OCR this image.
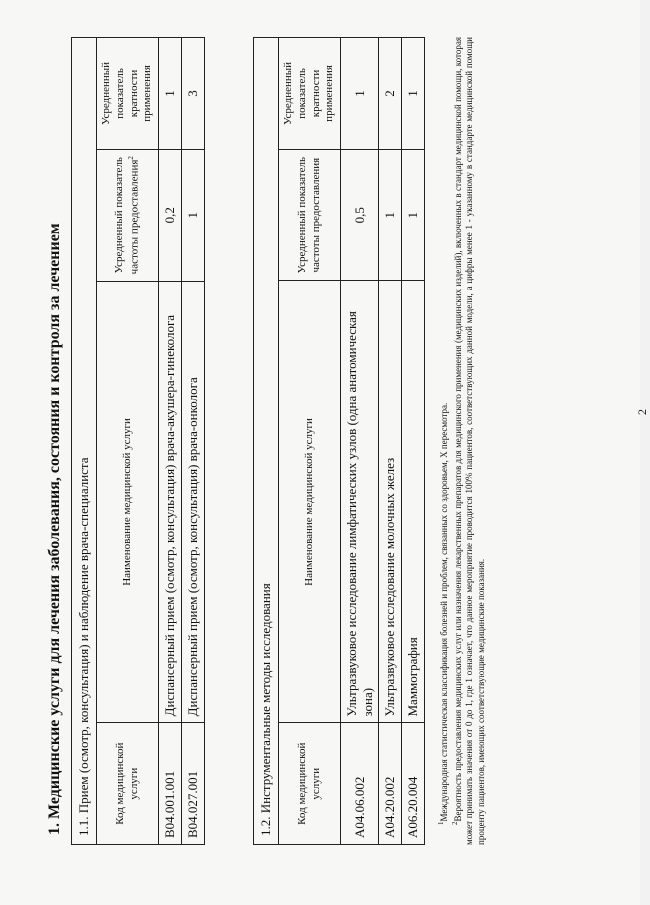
2
1. Медицинские услуги для лечения заболевания, состояния и контроля за лечением 1.1. Прием (осмотр, консультация) и наблюдение врача-специалиста			
Код медицинской услуги	Наименование медицинской услуги	Усредненный показатель частоты предоставления$^2$	Усредненный показатель кратности применения
B04.001.001	Диспансерный прием (осмотр, консультация) врача-акушера-гинеколога	0,2	1
B04.027.001	Диспансерный прием (осмотр, консультация) врача-онколога	1	3
1.2. Инструментальные методы исследования			
Код медицинской услуги	Наименование медицинской услуги	Усредненный показатель частоты предоставления	Усредненный показатель кратности применения
A04.06.002	Ультразвуковое исследование лимфатических узлов (одна анатомическая зона)	0,5	1
A04.20.002	Ультразвуковое исследование молочных желез	1	2
A06.20.004	Маммография	1	1

$^1$Международная статистическая классификация болезней и проблем, связанных со здоровьем, X пересмотра.

$^2$Вероятность предоставления медицинских услуг или назначения лекарственных препаратов для медицинского применения (медицинских изделий), включенных в стандарт медицинской помощи, которая может принимать значения от 0 до 1, где 1 означает, что данное мероприятие проводится 100% пациентов, соответствующих данной модели, а цифры менее 1 - указанному в стандарте медицинской помощи проценту пациентов, имеющих соответствующие медицинские показания.
